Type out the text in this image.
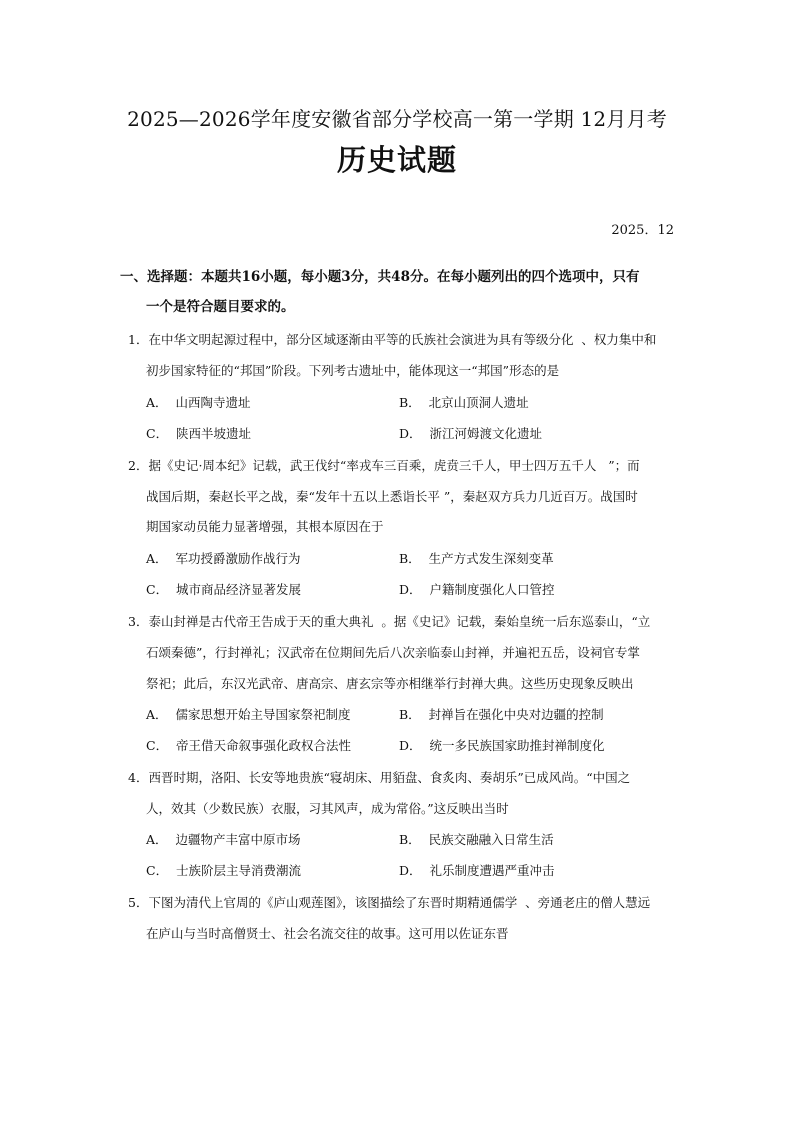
2025—2026学年度安徽省部分学校高一第一学期 12月月考
历史试题
2025．12
一、选择题：本题共16小题，每小题3分，共48分。在每小题列出的四个选项中，只有
一个是符合题目要求的。
1．在中华文明起源过程中，部分区域逐渐由平等的氏族社会演进为具有等级分化  、权力集中和
初步国家特征的“邦国”阶段。下列考古遗址中，能体现这一“邦国”形态的是
A．  山西陶寺遗址	B．  北京山顶洞人遗址
C．  陕西半坡遗址	D．  浙江河姆渡文化遗址
2．据《史记·周本纪》记载，武王伐纣“率戎车三百乘，虎贲三千人，甲士四万五千人   ”；而
战国后期，秦赵长平之战，秦“发年十五以上悉诣长平 ”，秦赵双方兵力几近百万。战国时
期国家动员能力显著增强，其根本原因在于
A．  军功授爵激励作战行为	B．  生产方式发生深刻变革
C．  城市商品经济显著发展	D．  户籍制度强化人口管控
3．泰山封禅是古代帝王告成于天的重大典礼  。据《史记》记载，秦始皇统一后东巡泰山，“立
石颂秦德”，行封禅礼；汉武帝在位期间先后八次亲临泰山封禅，并遍祀五岳，设祠官专掌
祭祀；此后，东汉光武帝、唐高宗、唐玄宗等亦相继举行封禅大典。这些历史现象反映出
A．  儒家思想开始主导国家祭祀制度	B．  封禅旨在强化中央对边疆的控制
C．  帝王借天命叙事强化政权合法性	D．  统一多民族国家助推封禅制度化
4．西晋时期，洛阳、长安等地贵族“寝胡床、用貊盘、食炙肉、奏胡乐”已成风尚。“中国之
人，效其（少数民族）衣服，习其风声，成为常俗。”这反映出当时
A．  边疆物产丰富中原市场	B．  民族交融融入日常生活
C．  士族阶层主导消费潮流	D．  礼乐制度遭遇严重冲击
5．下图为清代上官周的《庐山观莲图》，该图描绘了东晋时期精通儒学  、旁通老庄的僧人慧远
在庐山与当时高僧贤士、社会名流交往的故事。这可用以佐证东晋
